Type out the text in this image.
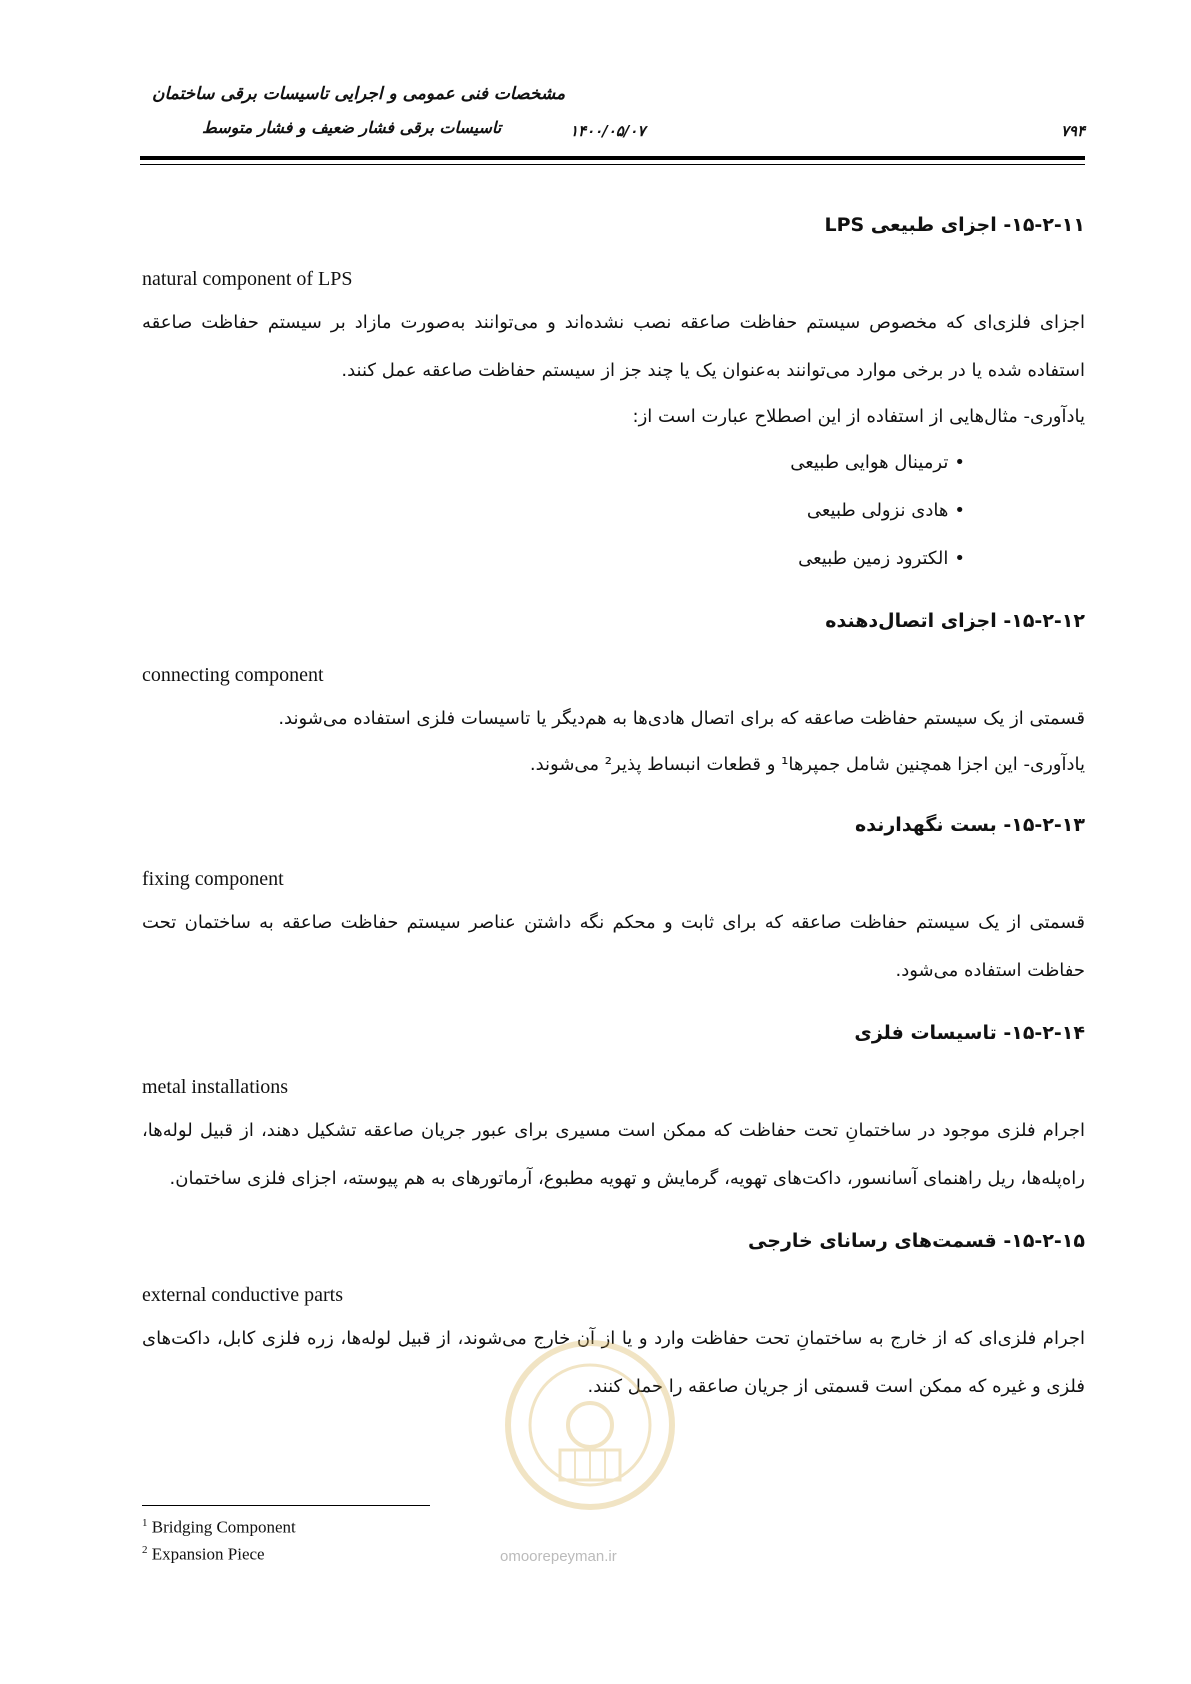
مشخصات فنی عمومی و اجرایی تاسیسات برقی ساختمان
تاسیسات برقی فشار ضعیف و فشار متوسط	۱۴۰۰/۰۵/۰۷	۷۹۴
۱۵-۲-۱۱- اجزای طبیعی LPS
natural component of LPS
اجزای فلزی‌ای که مخصوص سیستم حفاظت صاعقه نصب نشده‌اند و می‌توانند به‌صورت مازاد بر سیستم حفاظت صاعقه استفاده شده یا در برخی موارد می‌توانند به‌عنوان یک یا چند جز از سیستم حفاظت صاعقه عمل کنند.
یادآوری- مثال‌هایی از استفاده از این اصطلاح عبارت است از:
•ترمینال هوایی طبیعی
•هادی نزولی طبیعی
•الکترود زمین طبیعی
۱۵-۲-۱۲- اجزای اتصال‌دهنده
connecting component
قسمتی از یک سیستم حفاظت صاعقه که برای اتصال هادی‌ها به هم‌دیگر یا تاسیسات فلزی استفاده می‌شوند.
یادآوری- این اجزا همچنین شامل جمپرها¹ و قطعات انبساط پذیر² می‌شوند.
۱۵-۲-۱۳- بست نگهدارنده
fixing component
قسمتی از یک سیستم حفاظت صاعقه که برای ثابت و محکم نگه داشتن عناصر سیستم حفاظت صاعقه به ساختمان تحت حفاظت استفاده می‌شود.
۱۵-۲-۱۴- تاسیسات فلزی
metal installations
اجرام فلزی موجود در ساختمانِ تحت حفاظت که ممکن است مسیری برای عبور جریان صاعقه تشکیل دهند، از قبیل لوله‌ها، راه‌پله‌ها، ریل راهنمای آسانسور، داکت‌های تهویه، گرمایش و تهویه مطبوع، آرماتورهای به هم پیوسته، اجزای فلزی ساختمان.
۱۵-۲-۱۵- قسمت‌های رسانای خارجی
external conductive parts
اجرام فلزی‌ای که از خارج به ساختمانِ تحت حفاظت وارد و یا از آن خارج می‌شوند، از قبیل لوله‌ها، زره فلزی کابل، داکت‌های فلزی و غیره که ممکن است قسمتی از جریان صاعقه را حمل کنند.
omoorepeyman.ir
$^1$ Bridging Component
$^2$ Expansion Piece
